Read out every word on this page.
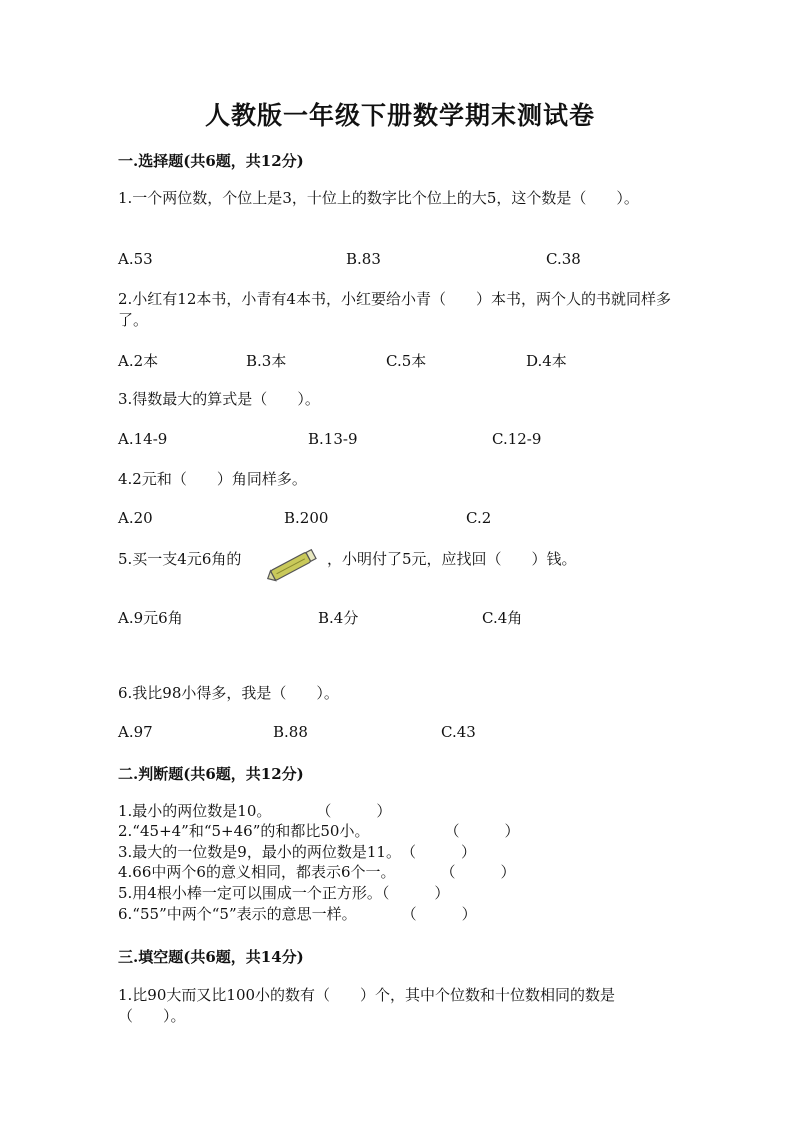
人教版一年级下册数学期末测试卷
一.选择题(共6题，共12分)
1.一个两位数，个位上是3，十位上的数字比个位上的大5，这个数是（　　）。
A.53	B.83	C.38
2.小红有12本书，小青有4本书，小红要给小青（　　）本书，两个人的书就同样多了。
A.2本	B.3本	C.5本	D.4本
3.得数最大的算式是（　　）。
A.14-9	B.13-9	C.12-9
4.2元和（　　）角同样多。
A.20	B.200	C.2
5.买一支4元6角的	，小明付了5元，应找回（　　）钱。
A.9元6角	B.4分	C.4角
6.我比98小得多，我是（　　）。
A.97	B.88	C.43
二.判断题(共6题，共12分)
1.最小的两位数是10。　　　　（　　　）
2.“45+4”和“5+46”的和都比50小。　　　　　　（　　　）
3.最大的一位数是9，最小的两位数是11。　（　　　）
4.66中两个6的意义相同，都表示6个一。　　　　（　　　）
5.用4根小棒一定可以围成一个正方形。（　　　）
6.“55”中两个“5”表示的意思一样。　　　　（　　　）
三.填空题(共6题，共14分)
1.比90大而又比100小的数有（　　）个，其中个位数和十位数相同的数是（　　）。
